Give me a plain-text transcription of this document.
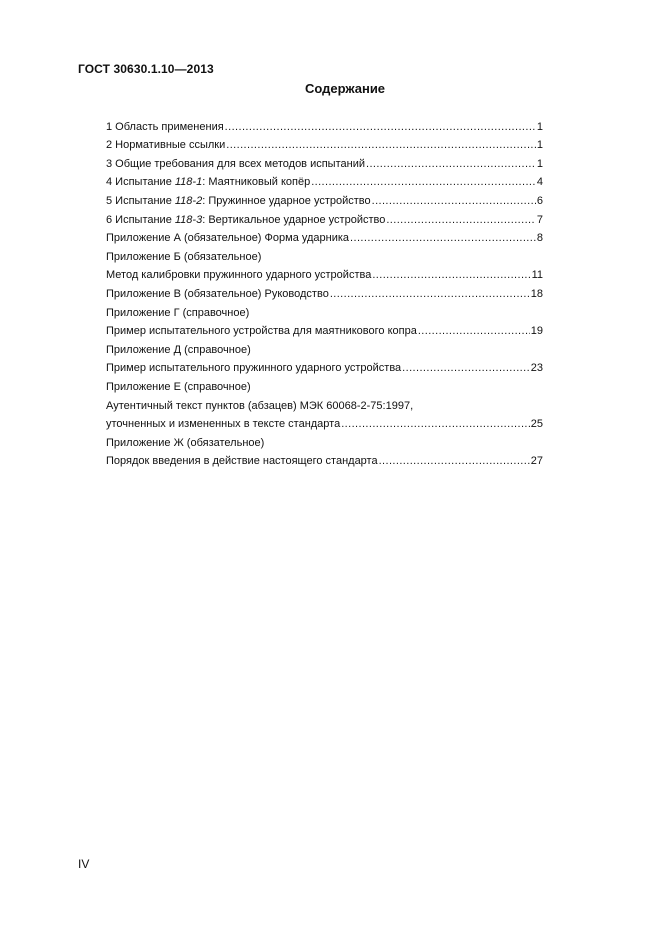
ГОСТ 30630.1.10—2013
Содержание
1 Область применения .....	1
2 Нормативные ссылки .....	1
3 Общие требования для всех методов испытаний .....	1
4 Испытание 118-1: Маятниковый копёр .....	4
5 Испытание 118-2: Пружинное ударное устройство .....	6
6 Испытание 118-3: Вертикальное ударное устройство .....	7
Приложение А (обязательное) Форма ударника .....	8
Приложение Б (обязательное)
Метод калибровки пружинного ударного устройства .....	11
Приложение В (обязательное) Руководство .....	18
Приложение Г (справочное)
Пример испытательного устройства для маятникового копра .....	19
Приложение Д (справочное)
Пример испытательного пружинного ударного устройства .....	23
Приложение Е (справочное)
Аутентичный текст пунктов (абзацев) МЭК 60068-2-75:1997,
уточненных и измененных в тексте стандарта .....	25
Приложение Ж (обязательное)
Порядок введения в действие настоящего стандарта .....	27
IV
